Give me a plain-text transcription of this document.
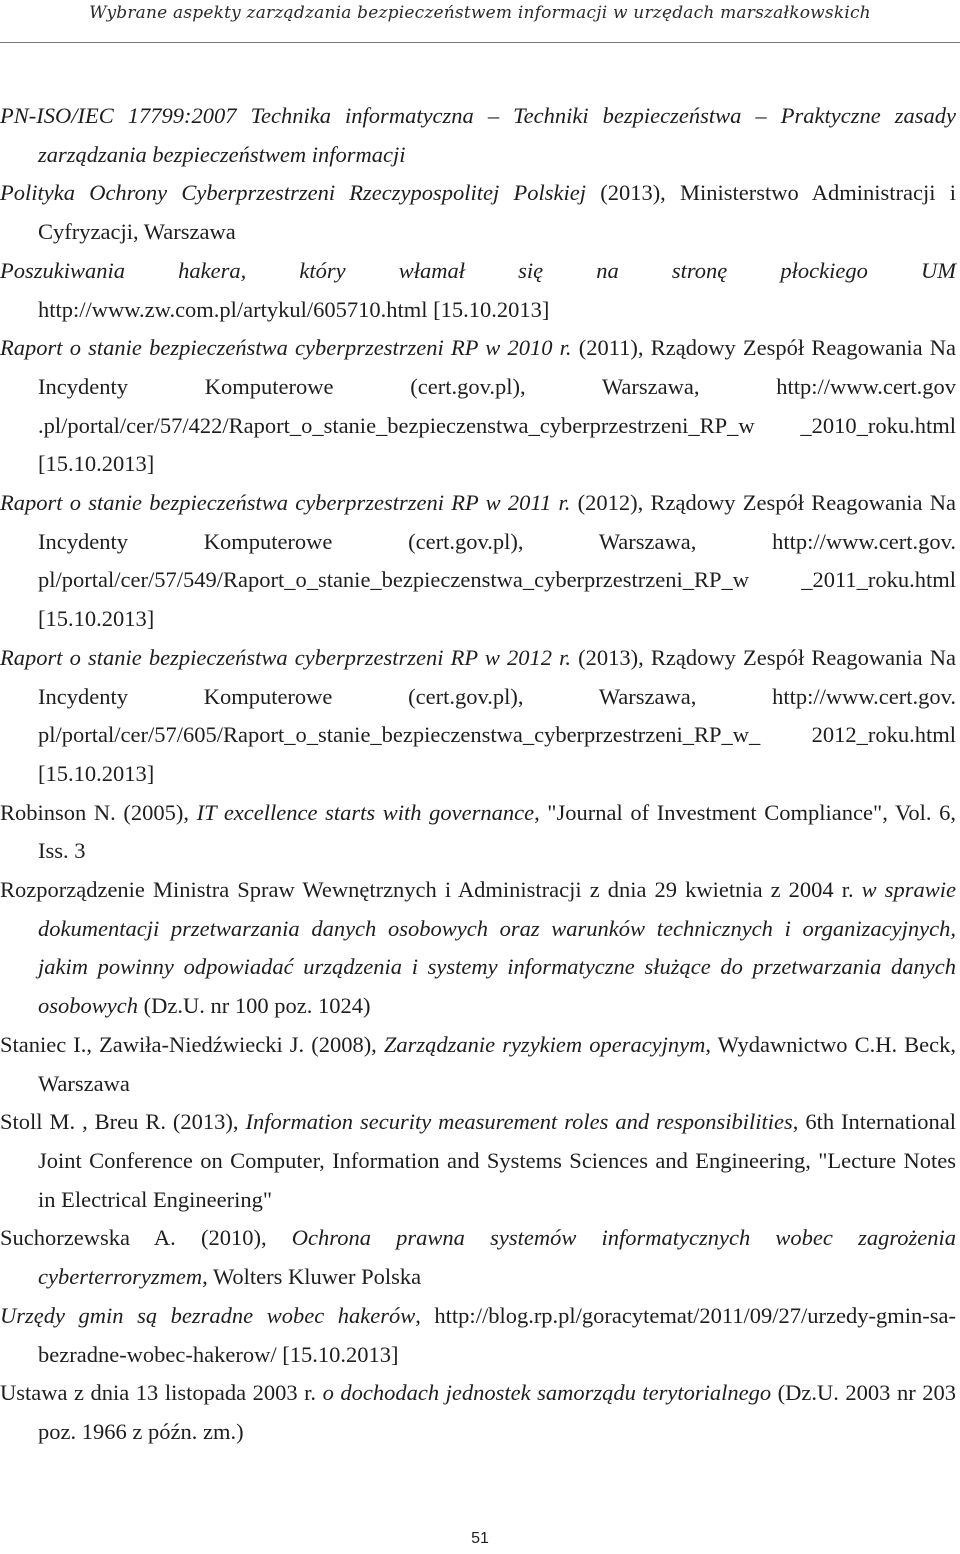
Wybrane aspekty zarządzania bezpieczeństwem informacji w urzędach marszałkowskich

PN-ISO/IEC 17799:2007 Technika informatyczna – Techniki bezpieczeństwa – Praktyczne zasady zarządzania bezpieczeństwem informacji

Polityka Ochrony Cyberprzestrzeni Rzeczypospolitej Polskiej (2013), Ministerstwo Administracji i Cyfryzacji, Warszawa

Poszukiwania hakera, który włamał się na stronę płockiego UM http://www.zw.com.pl/artykul/605710.html [15.10.2013]

Raport o stanie bezpieczeństwa cyberprzestrzeni RP w 2010 r. (2011), Rządowy Zespół Reagowania Na Incydenty Komputerowe (cert.gov.pl), Warszawa, http://www.cert.gov .pl/portal/cer/57/422/Raport_o_stanie_bezpieczenstwa_cyberprzestrzeni_RP_w _2010_roku.html [15.10.2013]

Raport o stanie bezpieczeństwa cyberprzestrzeni RP w 2011 r. (2012), Rządowy Zespół Reagowania Na Incydenty Komputerowe (cert.gov.pl), Warszawa, http://www.cert.gov. pl/portal/cer/57/549/Raport_o_stanie_bezpieczenstwa_cyberprzestrzeni_RP_w _2011_roku.html [15.10.2013]

Raport o stanie bezpieczeństwa cyberprzestrzeni RP w 2012 r. (2013), Rządowy Zespół Reagowania Na Incydenty Komputerowe (cert.gov.pl), Warszawa, http://www.cert.gov. pl/portal/cer/57/605/Raport_o_stanie_bezpieczenstwa_cyberprzestrzeni_RP_w_ 2012_roku.html [15.10.2013]

Robinson N. (2005), IT excellence starts with governance, "Journal of Investment Compliance", Vol. 6, Iss. 3

Rozporządzenie Ministra Spraw Wewnętrznych i Administracji z dnia 29 kwietnia z 2004 r. w sprawie dokumentacji przetwarzania danych osobowych oraz warunków technicznych i organizacyjnych, jakim powinny odpowiadać urządzenia i systemy informatyczne służące do przetwarzania danych osobowych (Dz.U. nr 100 poz. 1024)

Staniec I., Zawiła-Niedźwiecki J. (2008), Zarządzanie ryzykiem operacyjnym, Wydawnictwo C.H. Beck, Warszawa

Stoll M. , Breu R. (2013), Information security measurement roles and responsibilities, 6th International Joint Conference on Computer, Information and Systems Sciences and Engineering, "Lecture Notes in Electrical Engineering"

Suchorzewska A. (2010), Ochrona prawna systemów informatycznych wobec zagrożenia cyberterroryzmem, Wolters Kluwer Polska

Urzędy gmin są bezradne wobec hakerów, http://blog.rp.pl/goracytemat/2011/09/27/urzedy-gmin-sa-bezradne-wobec-hakerow/ [15.10.2013]

Ustawa z dnia 13 listopada 2003 r. o dochodach jednostek samorządu terytorialnego (Dz.U. 2003 nr 203 poz. 1966 z późn. zm.)

51
